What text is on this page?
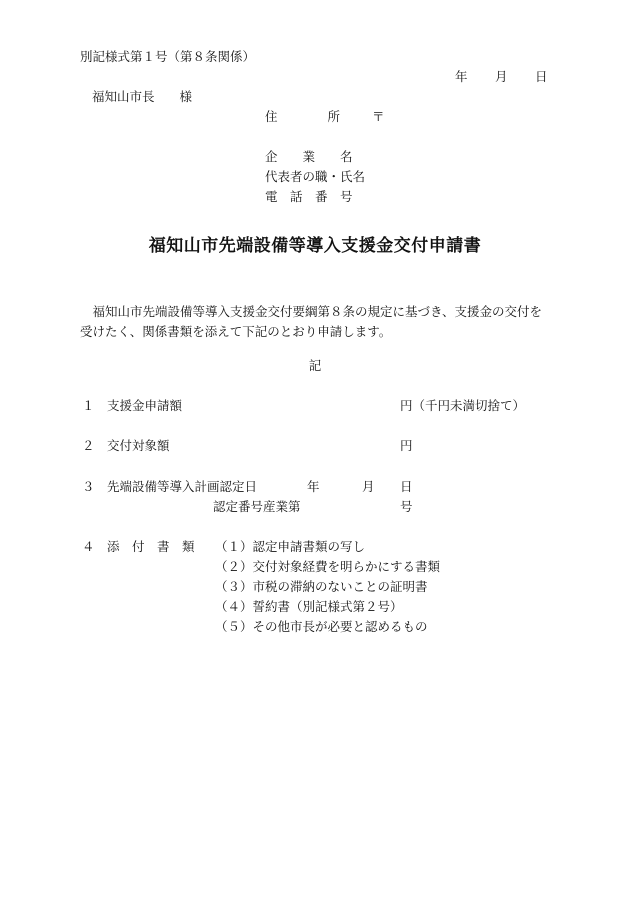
別記様式第１号（第８条関係）
年 月 日
福知山市長　　様
住　　　　所	〒
企　　業　　名
代表者の職・氏名
電　話　番　号
福知山市先端設備等導入支援金交付申請書
福知山市先端設備等導入支援金交付要綱第８条の規定に基づき、支援金の交付を受けたく、関係書類を添えて下記のとおり申請します。
記
１ 支援金申請額	円（千円未満切捨て）
２ 交付対象額	円
３ 先端設備等導入計画認定日	年	月 日
認定番号産業第	号
４ 添　付　書　類 （１）認定申請書類の写し
（２）交付対象経費を明らかにする書類
（３）市税の滞納のないことの証明書
（４）誓約書（別記様式第２号）
（５）その他市長が必要と認めるもの
